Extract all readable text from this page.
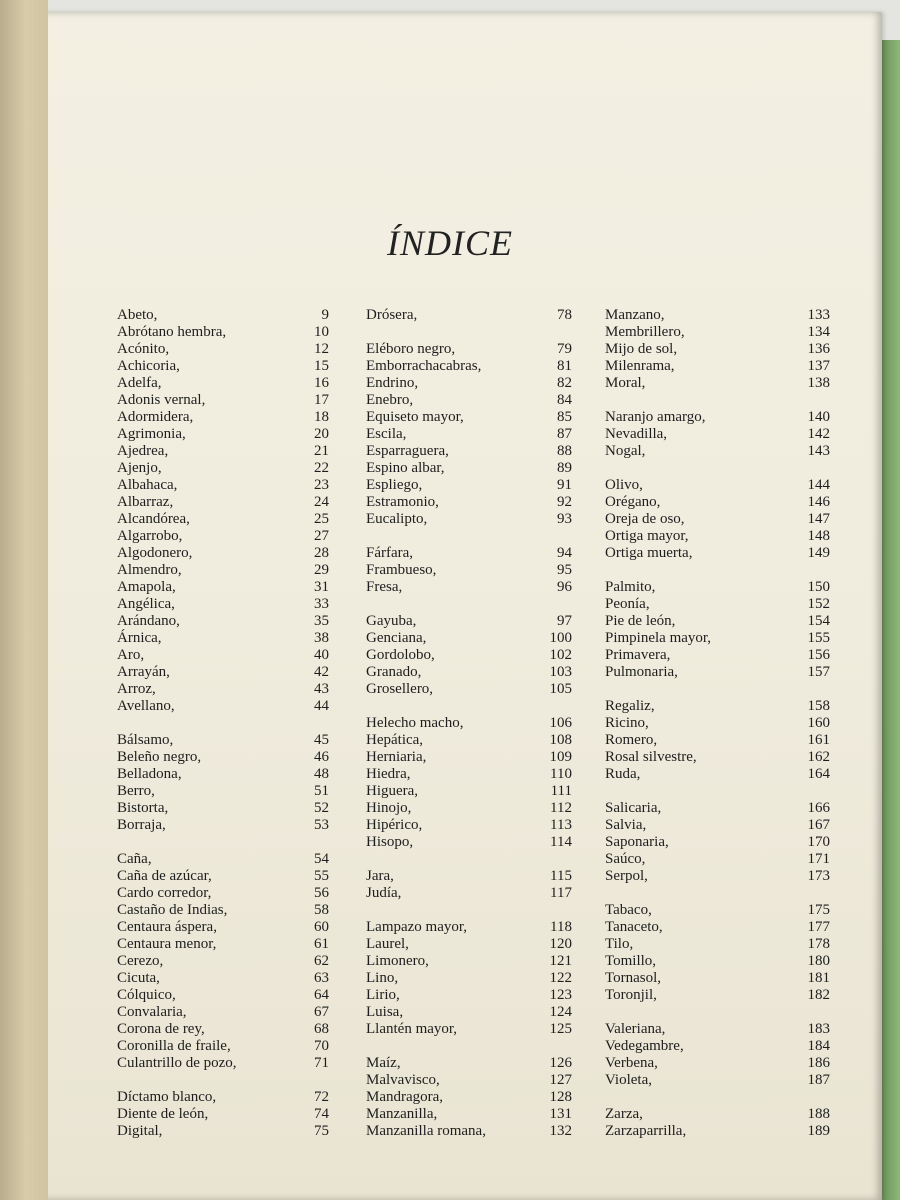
ÍNDICE
Abeto,	9
Abrótano hembra,	10
Acónito,	12
Achicoria,	15
Adelfa,	16
Adonis vernal,	17
Adormidera,	18
Agrimonia,	20
Ajedrea,	21
Ajenjo,	22
Albahaca,	23
Albarraz,	24
Alcandórea,	25
Algarrobo,	27
Algodonero,	28
Almendro,	29
Amapola,	31
Angélica,	33
Arándano,	35
Árnica,	38
Aro,	40
Arrayán,	42
Arroz,	43
Avellano,	44
Bálsamo,	45
Beleño negro,	46
Belladona,	48
Berro,	51
Bistorta,	52
Borraja,	53
Caña,	54
Caña de azúcar,	55
Cardo corredor,	56
Castaño de Indias,	58
Centaura áspera,	60
Centaura menor,	61
Cerezo,	62
Cicuta,	63
Cólquico,	64
Convalaria,	67
Corona de rey,	68
Coronilla de fraile,	70
Culantrillo de pozo,	71
Díctamo blanco,	72
Diente de león,	74
Digital,	75
Drósera,	78
Eléboro negro,	79
Emborrachacabras,	81
Endrino,	82
Enebro,	84
Equiseto mayor,	85
Escila,	87
Esparraguera,	88
Espino albar,	89
Espliego,	91
Estramonio,	92
Eucalipto,	93
Fárfara,	94
Frambueso,	95
Fresa,	96
Gayuba,	97
Genciana,	100
Gordolobo,	102
Granado,	103
Grosellero,	105
Helecho macho,	106
Hepática,	108
Herniaria,	109
Hiedra,	110
Higuera,	111
Hinojo,	112
Hipérico,	113
Hisopo,	114
Jara,	115
Judía,	117
Lampazo mayor,	118
Laurel,	120
Limonero,	121
Lino,	122
Lirio,	123
Luisa,	124
Llantén mayor,	125
Maíz,	126
Malvavisco,	127
Mandragora,	128
Manzanilla,	131
Manzanilla romana,	132
Manzano,	133
Membrillero,	134
Mijo de sol,	136
Milenrama,	137
Moral,	138
Naranjo amargo,	140
Nevadilla,	142
Nogal,	143
Olivo,	144
Orégano,	146
Oreja de oso,	147
Ortiga mayor,	148
Ortiga muerta,	149
Palmito,	150
Peonía,	152
Pie de león,	154
Pimpinela mayor,	155
Primavera,	156
Pulmonaria,	157
Regaliz,	158
Ricino,	160
Romero,	161
Rosal silvestre,	162
Ruda,	164
Salicaria,	166
Salvia,	167
Saponaria,	170
Saúco,	171
Serpol,	173
Tabaco,	175
Tanaceto,	177
Tilo,	178
Tomillo,	180
Tornasol,	181
Toronjil,	182
Valeriana,	183
Vedegambre,	184
Verbena,	186
Violeta,	187
Zarza,	188
Zarzaparrilla,	189
